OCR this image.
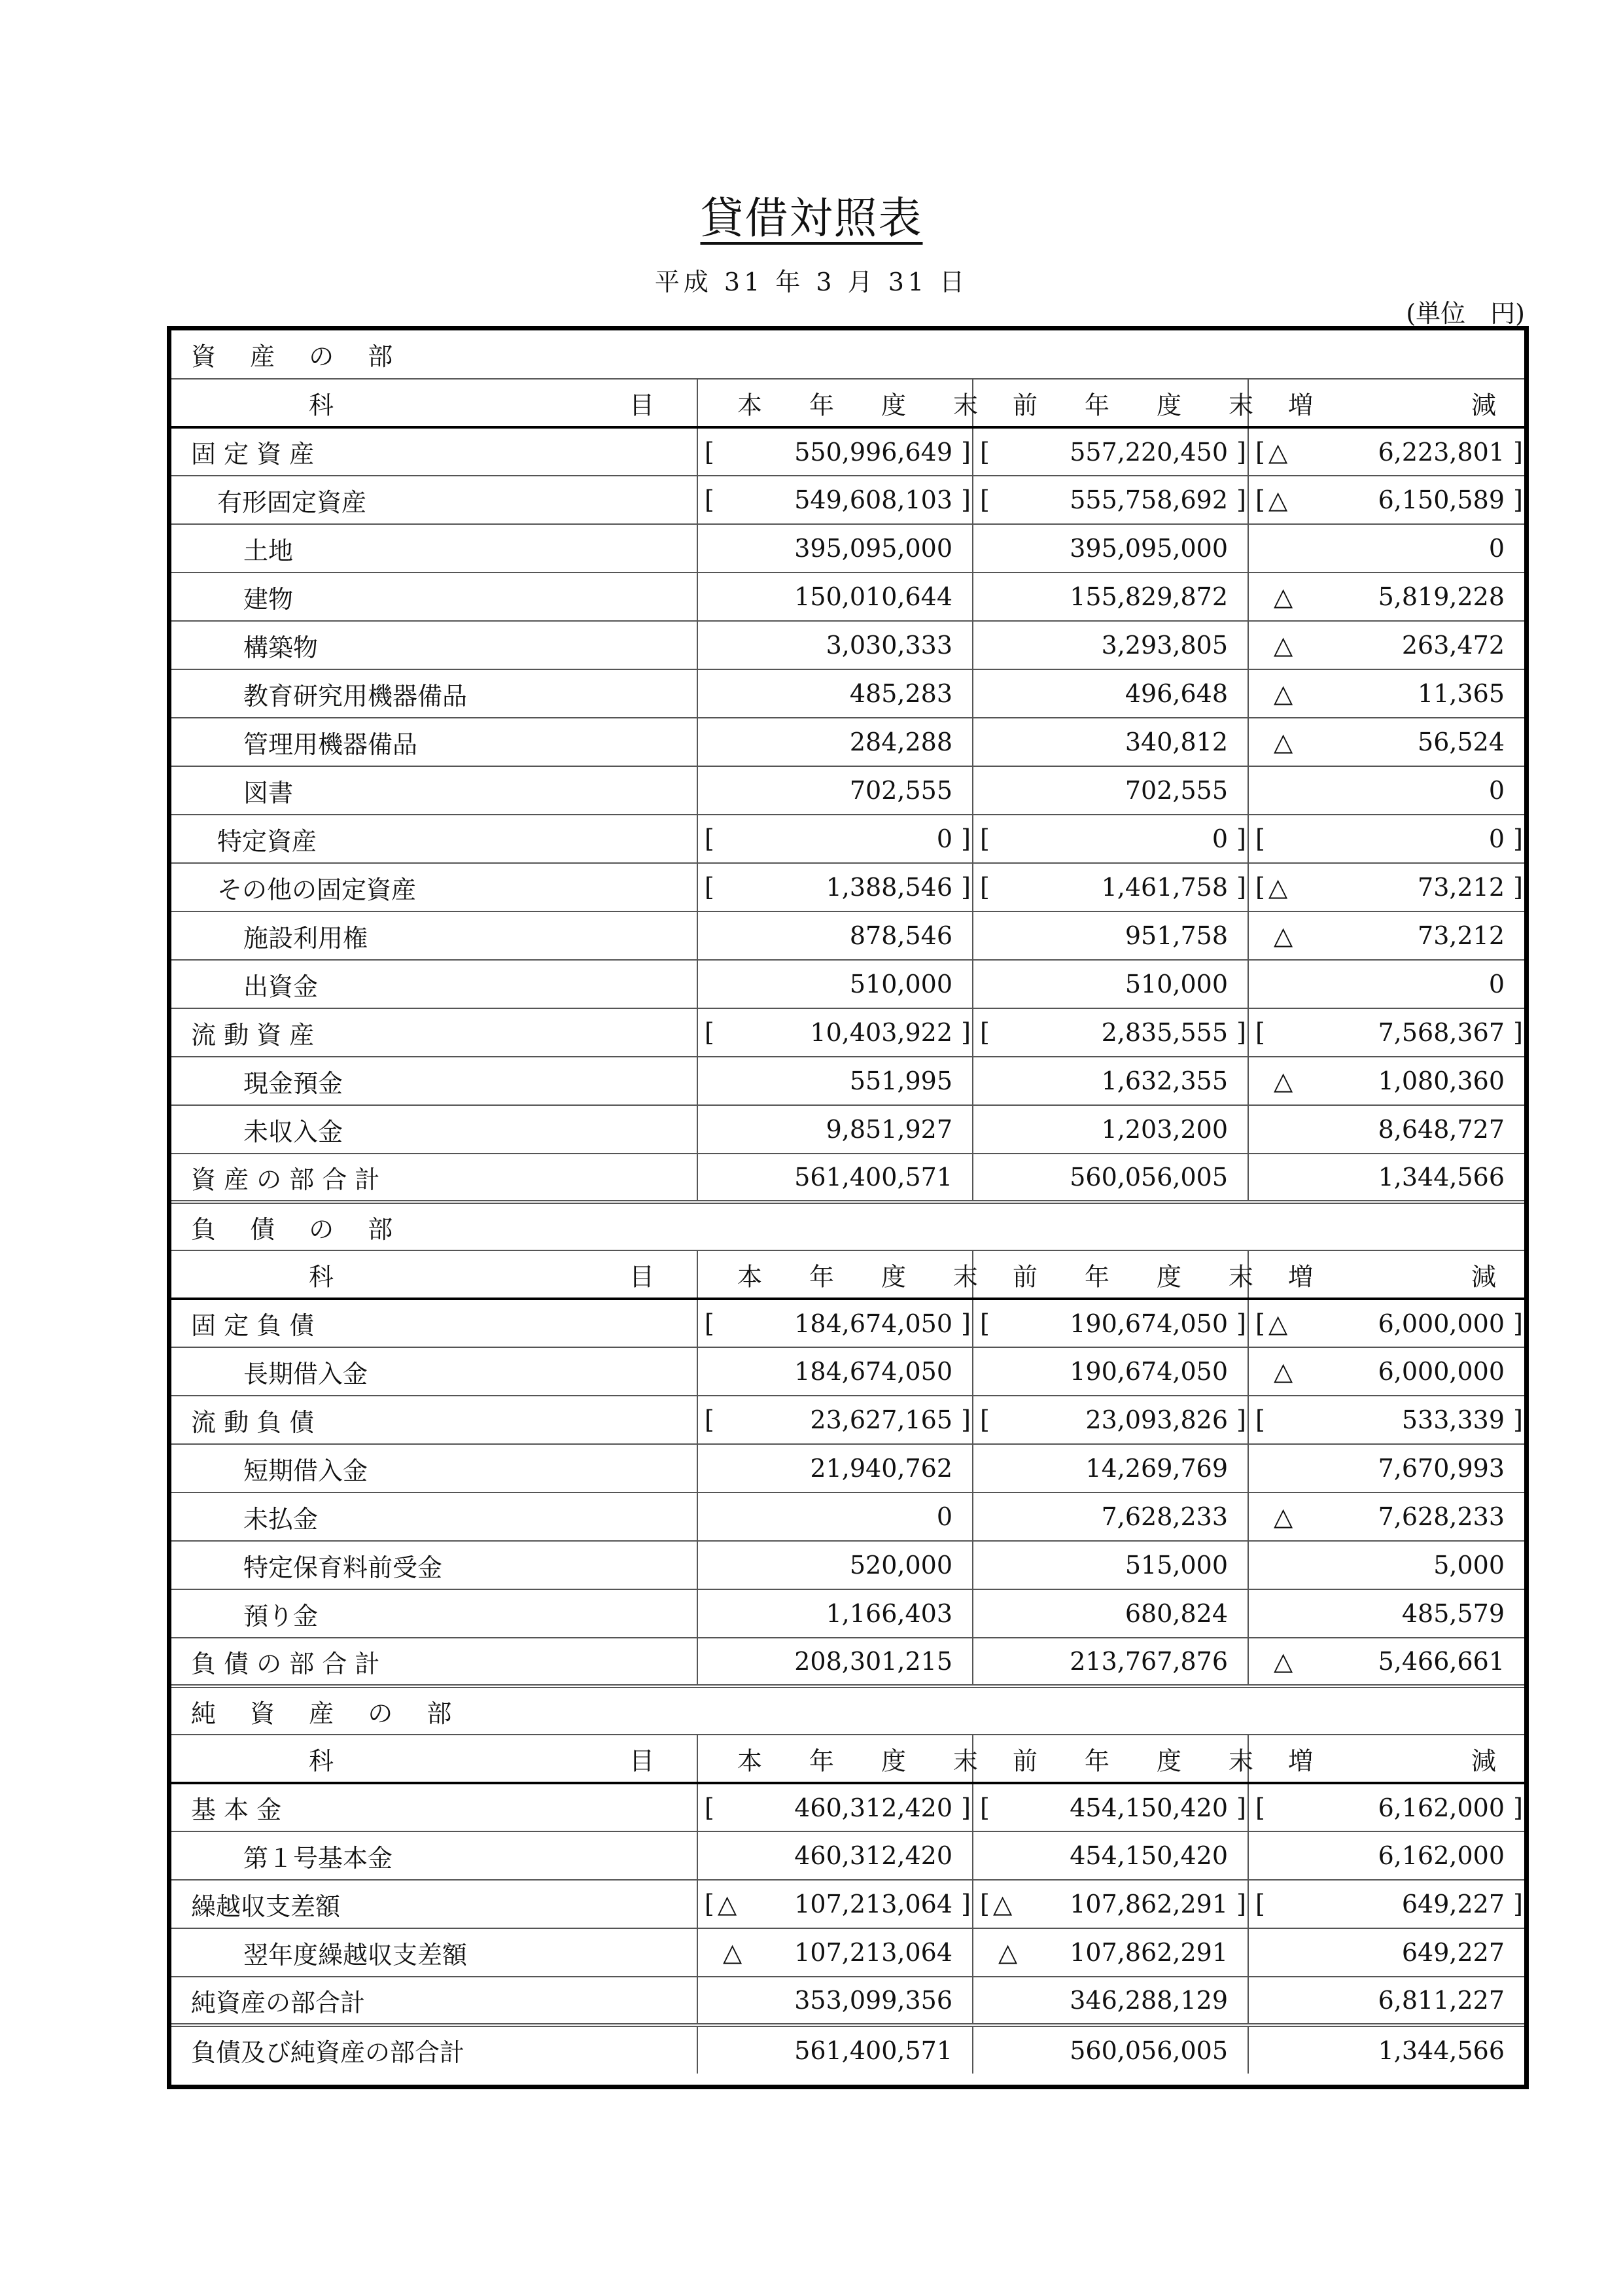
貸借対照表
平成 31 年 3 月 31 日
(単位　円)
資 産 の 部			

科 目	本 年 度 末	前 年 度 末	増 減

固 定 資 産	[ 550,996,649 ]	[ 557,220,450 ]	[ △ 6,223,801 ]

有形固定資産	[ 549,608,103 ]	[ 555,758,692 ]	[ △ 6,150,589 ]

土地	395,095,000	395,095,000	0

建物	150,010,644	155,829,872	△ 5,819,228

構築物	3,030,333	3,293,805	△ 263,472

教育研究用機器備品	485,283	496,648	△ 11,365

管理用機器備品	284,288	340,812	△ 56,524

図書	702,555	702,555	0

特定資産	[ 0 ]	[ 0 ]	[ 0 ]

その他の固定資産	[ 1,388,546 ]	[ 1,461,758 ]	[ △ 73,212 ]

施設利用権	878,546	951,758	△ 73,212

出資金	510,000	510,000	0

流 動 資 産	[ 10,403,922 ]	[ 2,835,555 ]	[ 7,568,367 ]

現金預金	551,995	1,632,355	△ 1,080,360

未収入金	9,851,927	1,203,200	8,648,727

資 産 の 部 合 計	561,400,571	560,056,005	1,344,566

負 債 の 部			

科 目	本 年 度 末	前 年 度 末	増 減

固 定 負 債	[ 184,674,050 ]	[ 190,674,050 ]	[ △ 6,000,000 ]

長期借入金	184,674,050	190,674,050	△ 6,000,000

流 動 負 債	[ 23,627,165 ]	[ 23,093,826 ]	[ 533,339 ]

短期借入金	21,940,762	14,269,769	7,670,993

未払金	0	7,628,233	△ 7,628,233

特定保育料前受金	520,000	515,000	5,000

預り金	1,166,403	680,824	485,579

負 債 の 部 合 計	208,301,215	213,767,876	△ 5,466,661

純 資 産 の 部			

科 目	本 年 度 末	前 年 度 末	増 減

基 本 金	[ 460,312,420 ]	[ 454,150,420 ]	[ 6,162,000 ]

第１号基本金	460,312,420	454,150,420	6,162,000

繰越収支差額	[ △ 107,213,064 ]	[ △ 107,862,291 ]	[ 649,227 ]

翌年度繰越収支差額	△ 107,213,064	△ 107,862,291	649,227

純資産の部合計	353,099,356	346,288,129	6,811,227

負債及び純資産の部合計	561,400,571	560,056,005	1,344,566
